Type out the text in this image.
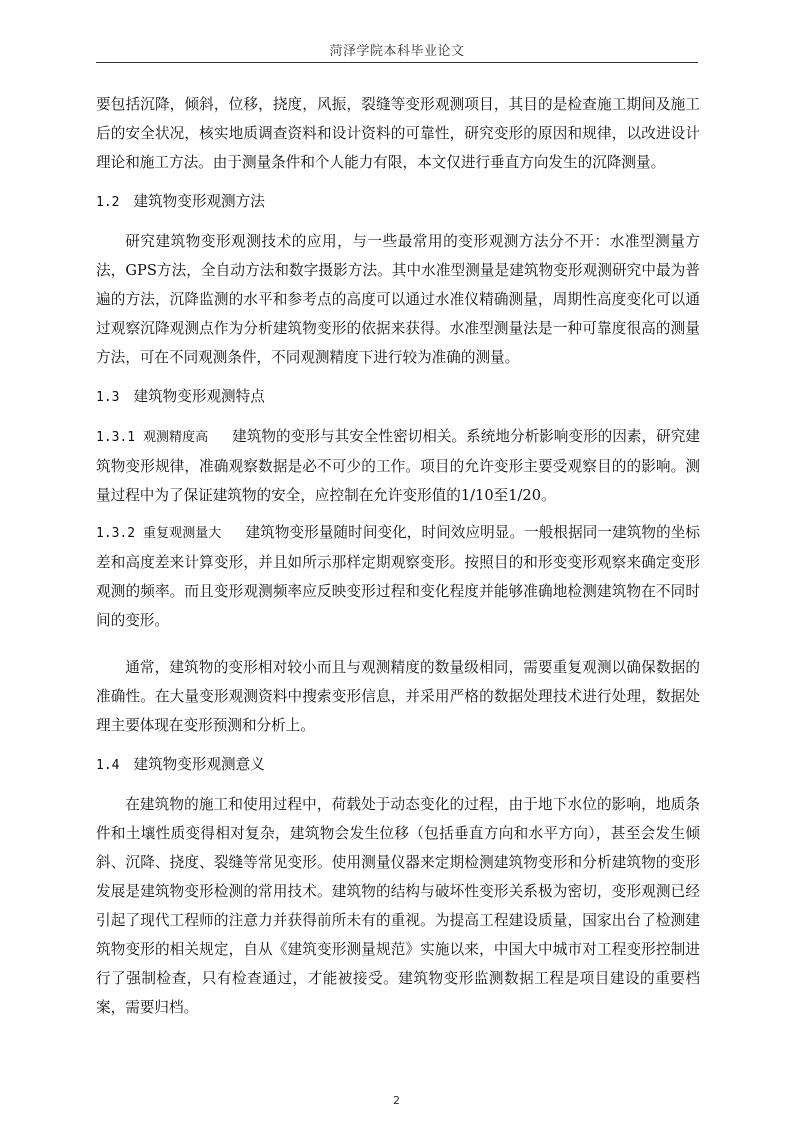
菏泽学院本科毕业论文

要包括沉降，倾斜，位移，挠度，风振，裂缝等变形观测项目，其目的是检查施工期间及施工后的安全状况，核实地质调查资料和设计资料的可靠性，研究变形的原因和规律，以改进设计理论和施工方法。由于测量条件和个人能力有限，本文仅进行垂直方向发生的沉降测量。

1.2 建筑物变形观测方法

研究建筑物变形观测技术的应用，与一些最常用的变形观测方法分不开：水准型测量方法，GPS方法，全自动方法和数字摄影方法。其中水准型测量是建筑物变形观测研究中最为普遍的方法，沉降监测的水平和参考点的高度可以通过水准仪精确测量，周期性高度变化可以通过观察沉降观测点作为分析建筑物变形的依据来获得。水准型测量法是一种可靠度很高的测量方法，可在不同观测条件，不同观测精度下进行较为准确的测量。

1.3 建筑物变形观测特点

1.3.1 观测精度高 建筑物的变形与其安全性密切相关。系统地分析影响变形的因素，研究建筑物变形规律，准确观察数据是必不可少的工作。项目的允许变形主要受观察目的的影响。测量过程中为了保证建筑物的安全，应控制在允许变形值的1/10至1/20。

1.3.2 重复观测量大 建筑物变形量随时间变化，时间效应明显。一般根据同一建筑物的坐标差和高度差来计算变形，并且如所示那样定期观察变形。按照目的和形变变形观察来确定变形观测的频率。而且变形观测频率应反映变形过程和变化程度并能够准确地检测建筑物在不同时间的变形。

通常，建筑物的变形相对较小而且与观测精度的数量级相同，需要重复观测以确保数据的准确性。在大量变形观测资料中搜索变形信息，并采用严格的数据处理技术进行处理，数据处理主要体现在变形预测和分析上。

1.4 建筑物变形观测意义

在建筑物的施工和使用过程中，荷载处于动态变化的过程，由于地下水位的影响，地质条件和土壤性质变得相对复杂，建筑物会发生位移（包括垂直方向和水平方向），甚至会发生倾斜、沉降、挠度、裂缝等常见变形。使用测量仪器来定期检测建筑物变形和分析建筑物的变形发展是建筑物变形检测的常用技术。建筑物的结构与破坏性变形关系极为密切，变形观测已经引起了现代工程师的注意力并获得前所未有的重视。为提高工程建设质量，国家出台了检测建筑物变形的相关规定，自从《建筑变形测量规范》实施以来，中国大中城市对工程变形控制进行了强制检查，只有检查通过，才能被接受。建筑物变形监测数据工程是项目建设的重要档案，需要归档。

2
